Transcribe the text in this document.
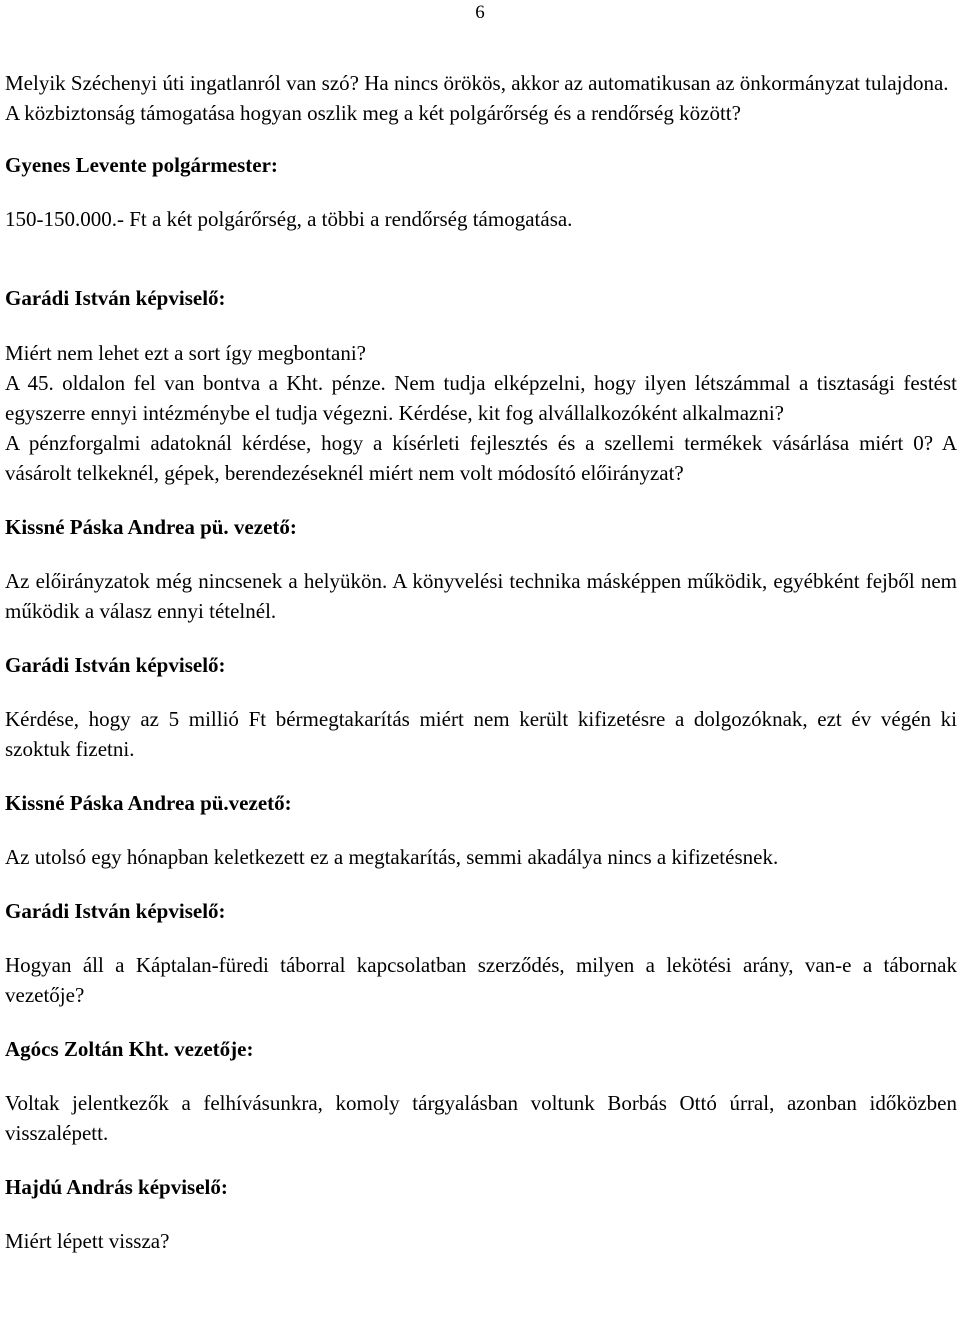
6

Melyik Széchenyi úti ingatlanról van szó? Ha nincs örökös, akkor az automatikusan az önkormányzat tulajdona.

A közbiztonság támogatása hogyan oszlik meg a két polgárőrség és a rendőrség között?

Gyenes Levente polgármester:

150-150.000.- Ft a két polgárőrség, a többi a rendőrség támogatása.

Garádi István képviselő:

Miért nem lehet ezt a sort így megbontani?

A 45. oldalon fel van bontva a Kht. pénze. Nem tudja elképzelni, hogy ilyen létszámmal a tisztasági festést egyszerre ennyi intézménybe el tudja végezni. Kérdése, kit fog alvállalkozóként alkalmazni?

A pénzforgalmi adatoknál kérdése, hogy a kísérleti fejlesztés és a szellemi termékek vásárlása miért 0? A vásárolt telkeknél, gépek, berendezéseknél miért nem volt módosító előirányzat?

Kissné Páska Andrea pü. vezető:

Az előirányzatok még nincsenek a helyükön. A könyvelési technika másképpen működik, egyébként fejből nem működik a válasz ennyi tételnél.

Garádi István képviselő:

Kérdése, hogy az 5 millió Ft bérmegtakarítás miért nem került kifizetésre a dolgozóknak, ezt év végén ki szoktuk fizetni.

Kissné Páska Andrea pü.vezető:

Az utolsó egy hónapban keletkezett ez a megtakarítás, semmi akadálya nincs a kifizetésnek.

Garádi István képviselő:

Hogyan áll a Káptalan-füredi táborral kapcsolatban szerződés, milyen a lekötési arány, van-e a tábornak vezetője?

Agócs Zoltán Kht. vezetője:

Voltak jelentkezők a felhívásunkra, komoly tárgyalásban voltunk Borbás Ottó úrral, azonban időközben visszalépett.

Hajdú András képviselő:

Miért lépett vissza?
